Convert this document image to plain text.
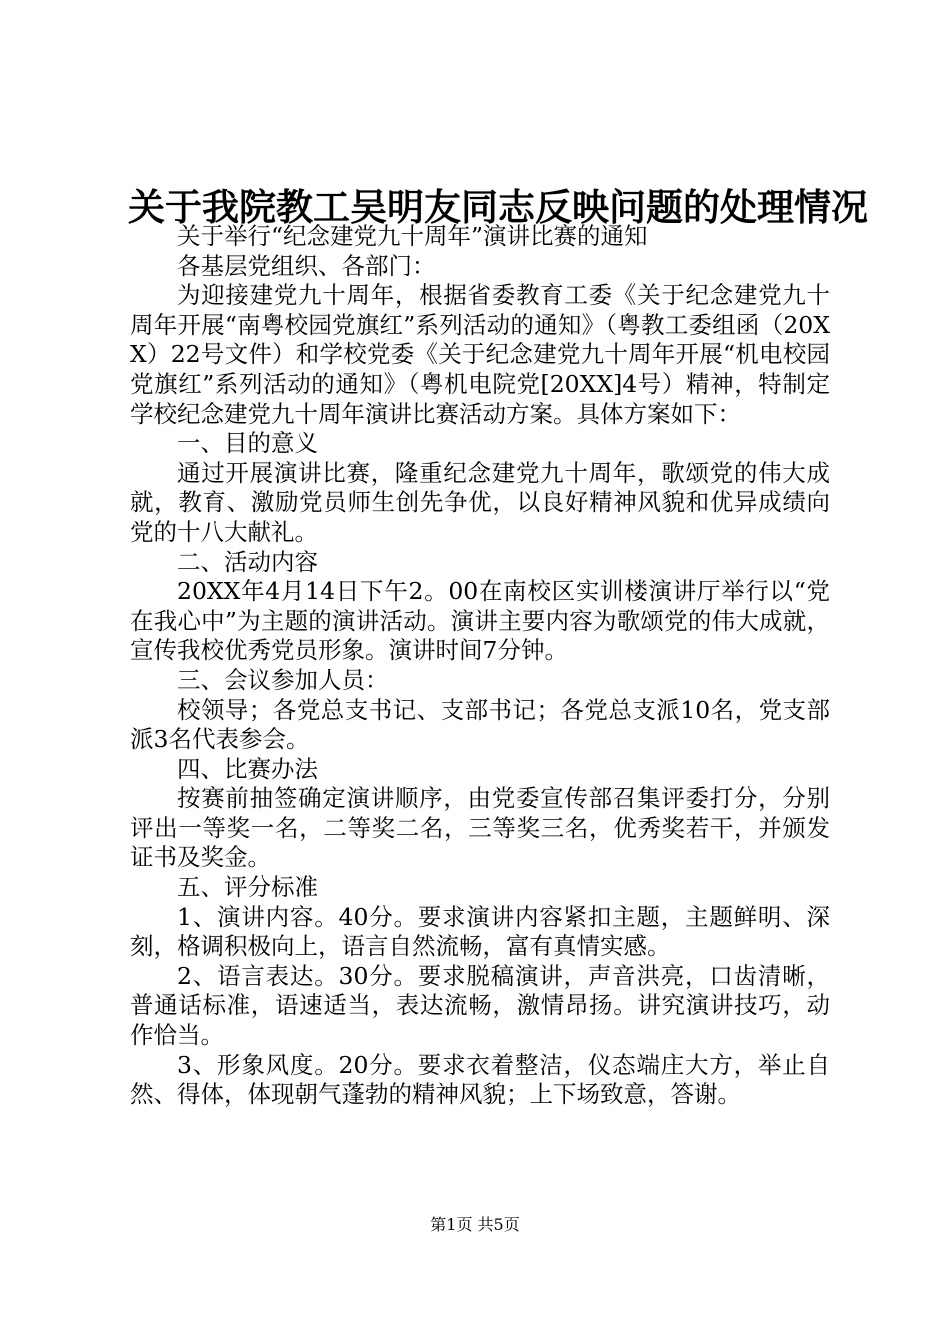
关于我院教工吴明友同志反映问题的处理情况

关于举行“纪念建党九十周年”演讲比赛的通知

各基层党组织、各部门：

为迎接建党九十周年，根据省委教育工委《关于纪念建党九十周年开展“南粤校园党旗红”系列活动的通知》（粤教工委组函（20XX）22号文件）和学校党委《关于纪念建党九十周年开展“机电校园党旗红”系列活动的通知》（粤机电院党[20XX]4号）精神，特制定学校纪念建党九十周年演讲比赛活动方案。具体方案如下：

一、目的意义

通过开展演讲比赛，隆重纪念建党九十周年，歌颂党的伟大成就，教育、激励党员师生创先争优，以良好精神风貌和优异成绩向党的十八大献礼。

二、活动内容

20XX年4月14日下午2。00在南校区实训楼演讲厅举行以“党在我心中”为主题的演讲活动。演讲主要内容为歌颂党的伟大成就，宣传我校优秀党员形象。演讲时间7分钟。

三、会议参加人员：

校领导；各党总支书记、支部书记；各党总支派10名，党支部派3名代表参会。

四、比赛办法

按赛前抽签确定演讲顺序，由党委宣传部召集评委打分，分别评出一等奖一名，二等奖二名，三等奖三名，优秀奖若干，并颁发证书及奖金。

五、评分标准

1、演讲内容。40分。要求演讲内容紧扣主题，主题鲜明、深刻，格调积极向上，语言自然流畅，富有真情实感。

2、语言表达。30分。要求脱稿演讲，声音洪亮，口齿清晰，普通话标准，语速适当，表达流畅，激情昂扬。讲究演讲技巧，动作恰当。

3、形象风度。20分。要求衣着整洁，仪态端庄大方，举止自然、得体，体现朝气蓬勃的精神风貌；上下场致意，答谢。

第1页 共5页
